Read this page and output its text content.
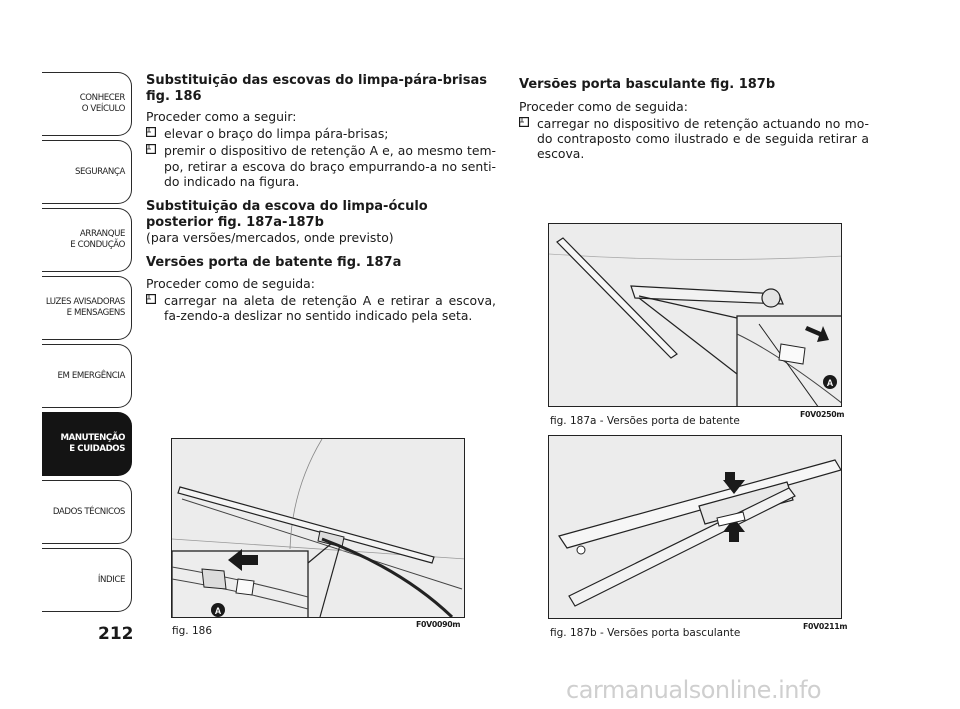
CONHECER
O VEÍCULO
SEGURANÇA
ARRANQUE
E CONDUÇÃO
LUZES AVISADORAS
E MENSAGENS
EM EMERGÊNCIA
MANUTENÇÃO
E CUIDADOS
DADOS TÉCNICOS
ÍNDICE
212

Substituição das escovas do limpa-pára-brisas fig. 186

Proceder como a seguir:

elevar o braço do limpa pára-brisas;
premir o dispositivo de retenção A e, ao mesmo tem-po, retirar a escova do braço empurrando-a no senti-do indicado na figura.

Substituição da escova do limpa-óculo posterior fig. 187a-187b

(para versões/mercados, onde previsto)

Versões porta de batente fig. 187a

Proceder como de seguida:

carregar na aleta de retenção A e retirar a escova, fa-zendo-a deslizar no sentido indicado pela seta.

Versões porta basculante fig. 187b

Proceder como de seguida:

carregar no dispositivo de retenção actuando no mo-do contraposto como ilustrado e de seguida retirar a escova.
A
fig. 186
F0V0090m
A
fig. 187a - Versões porta de batente
F0V0250m
fig. 187b - Versões porta basculante
F0V0211m
carmanualsonline.info
